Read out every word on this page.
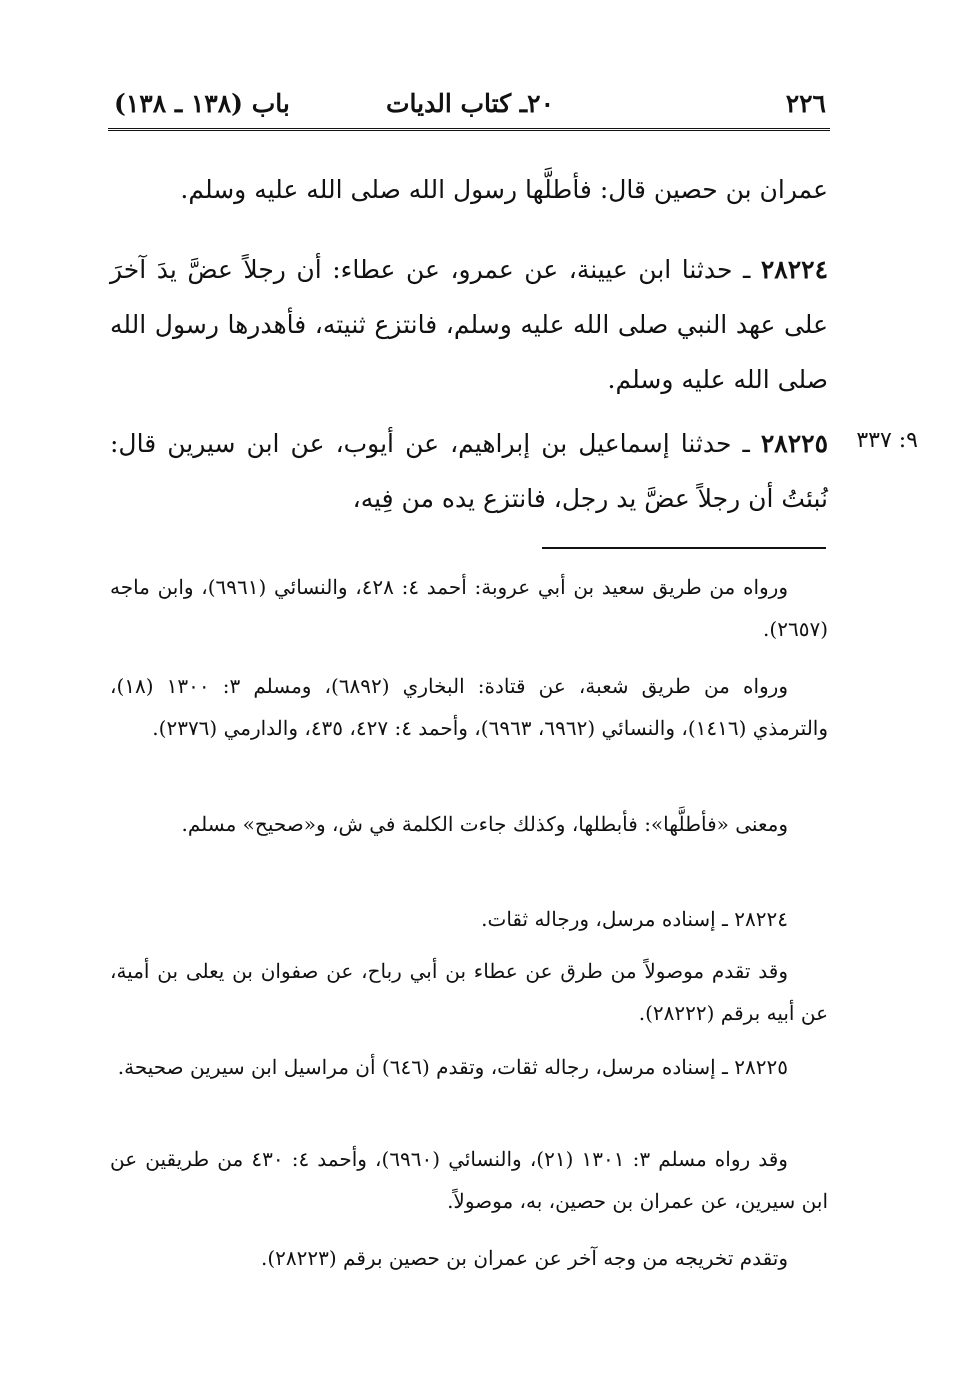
٢٢٦
٢٠ـ كتاب الديات
باب (١٣٨ ـ ١٣٨)
عمران بن حصين قال: فأطلَّها رسول الله صلى الله عليه وسلم.
٢٨٢٢٤ ـ حدثنا ابن عيينة، عن عمرو، عن عطاء: أن رجلاً عضَّ يدَ آخرَ على عهد النبي صلى الله عليه وسلم، فانتزع ثنيته، فأهدرها رسول الله صلى الله عليه وسلم.
٢٨٢٢٥ ـ حدثنا إسماعيل بن إبراهيم، عن أيوب، عن ابن سيرين قال: نُبئتُ أن رجلاً عضَّ يد رجل، فانتزع يده من فِيه،
٩: ٣٣٧
ورواه من طريق سعيد بن أبي عروبة: أحمد ٤: ٤٢٨، والنسائي (٦٩٦١)، وابن ماجه (٢٦٥٧).
ورواه من طريق شعبة، عن قتادة: البخاري (٦٨٩٢)، ومسلم ٣: ١٣٠٠ (١٨)، والترمذي (١٤١٦)، والنسائي (٦٩٦٢، ٦٩٦٣)، وأحمد ٤: ٤٢٧، ٤٣٥، والدارمي (٢٣٧٦).
ومعنى «فأطلَّها»: فأبطلها، وكذلك جاءت الكلمة في ش، و«صحيح» مسلم.
٢٨٢٢٤ ـ إسناده مرسل، ورجاله ثقات.
وقد تقدم موصولاً من طرق عن عطاء بن أبي رباح، عن صفوان بن يعلى بن أمية، عن أبيه برقم (٢٨٢٢٢).
٢٨٢٢٥ ـ إسناده مرسل، رجاله ثقات، وتقدم (٦٤٦) أن مراسيل ابن سيرين صحيحة.
وقد رواه مسلم ٣: ١٣٠١ (٢١)، والنسائي (٦٩٦٠)، وأحمد ٤: ٤٣٠ من طريقين عن ابن سيرين، عن عمران بن حصين، به، موصولاً.
وتقدم تخريجه من وجه آخر عن عمران بن حصين برقم (٢٨٢٢٣).
